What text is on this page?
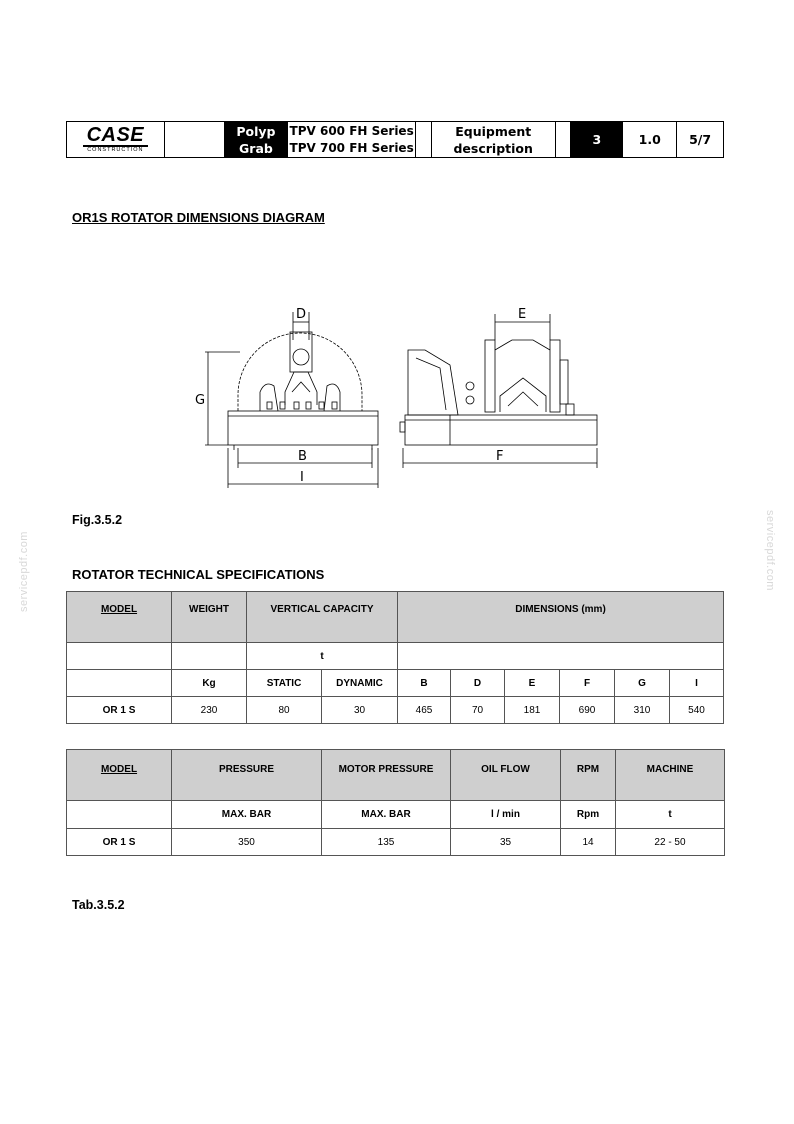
CASE
CONSTRUCTION
Polyp
Grab
TPV 600 FH Series
TPV 700 FH Series
Equipment
description
3	1.0	5/7
OR1S ROTATOR DIMENSIONS DIAGRAM
D
G
B
I
E
F
Fig.3.5.2
ROTATOR TECHNICAL SPECIFICATIONS
MODEL	WEIGHT	VERTICAL CAPACITY		DIMENSIONS (mm)					
		t							
	Kg	STATIC	DYNAMIC	B	D	E	F	G	I
OR 1 S	230	80	30	465	70	181	690	310	540
MODEL	PRESSURE	MOTOR PRESSURE	OIL FLOW	RPM	MACHINE
	MAX. BAR	MAX. BAR	l / min	Rpm	t
OR 1 S	350	135	35	14	22 - 50
Tab.3.5.2
servicepdf.com	servicepdf.com
